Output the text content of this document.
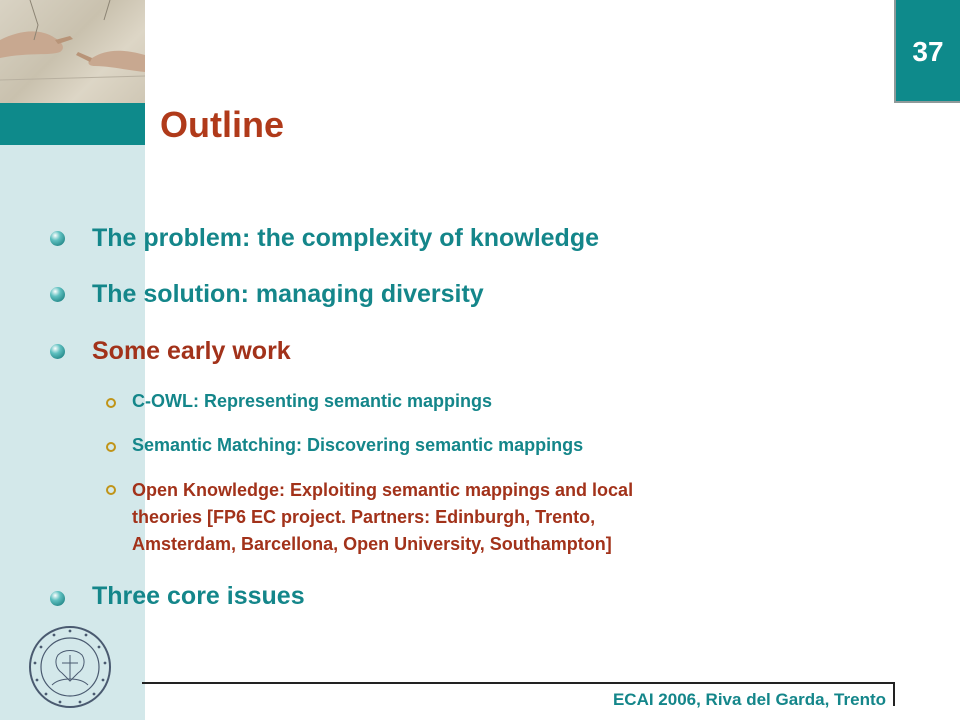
37
Outline
The problem: the complexity of knowledge
The solution: managing diversity
Some early work
C-OWL: Representing semantic mappings
Semantic Matching: Discovering semantic mappings
Open Knowledge: Exploiting semantic mappings and local
theories [FP6 EC project. Partners: Edinburgh, Trento,
Amsterdam, Barcellona, Open University, Southampton]
Three core issues
ECAI 2006, Riva del Garda, Trento
